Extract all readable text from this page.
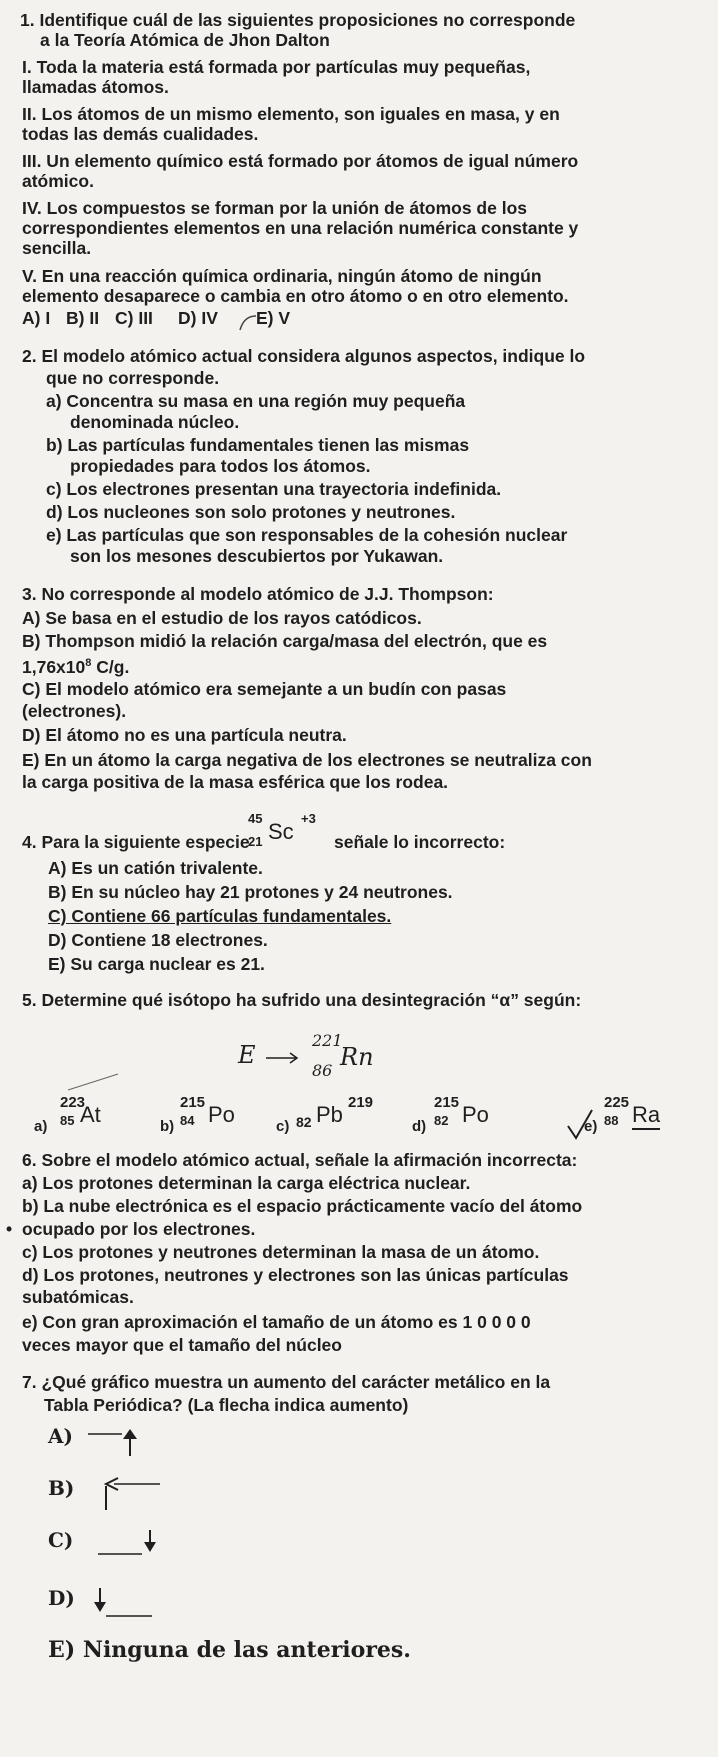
1. Identifique cuál de las siguientes proposiciones no corresponde
a la Teoría Atómica de Jhon Dalton
I. Toda la materia está formada por partículas muy pequeñas,
llamadas átomos.
II. Los átomos de un mismo elemento, son iguales en masa, y en
todas las demás cualidades.
III. Un elemento químico está formado por átomos de igual número
atómico.
IV. Los compuestos se forman por la unión de átomos de los
correspondientes elementos en una relación numérica constante y
sencilla.
V. En una reacción química ordinaria, ningún átomo de ningún
elemento desaparece o cambia en otro átomo o en otro elemento.
A) I B) II C) III D) IV E) V
2. El modelo atómico actual considera algunos aspectos, indique lo
que no corresponde.
a) Concentra su masa en una región muy pequeña
denominada núcleo.
b) Las partículas fundamentales tienen las mismas
propiedades para todos los átomos.
c) Los electrones presentan una trayectoria indefinida.
d) Los nucleones son solo protones y neutrones.
e) Las partículas que son responsables de la cohesión nuclear
son los mesones descubiertos por Yukawan.
3. No corresponde al modelo atómico de J.J. Thompson:
A) Se basa en el estudio de los rayos catódicos.
B) Thompson midió la relación carga/masa del electrón, que es
$1,76x10^8$ C/g.
C) El modelo atómico era semejante a un budín con pasas
(electrones).
D) El átomo no es una partícula neutra.
E) En un átomo la carga negativa de los electrones se neutraliza con
la carga positiva de la masa esférica que los rodea.
4. Para la siguiente especie
45
21 Sc
+3
señale lo incorrecto:
A) Es un catión trivalente.
B) En su núcleo hay 21 protones y 24 neutrones.
C) Contiene 66 partículas fundamentales.
D) Contiene 18 electrones.
E) Su carga nuclear es 21.
5. Determine qué isótopo ha sufrido una desintegración “α” según:
E →
221
86 Rn
a)
223
85 At	b)
215
84 Po	c) 82 Pb 219
d)
215
82 Po	e)
225
88 Ra
6. Sobre el modelo atómico actual, señale la afirmación incorrecta:
a) Los protones determinan la carga eléctrica nuclear.
b) La nube electrónica es el espacio prácticamente vacío del átomo
• ocupado por los electrones.
c) Los protones y neutrones determinan la masa de un átomo.
d) Los protones, neutrones y electrones son las únicas partículas
subatómicas.
e) Con gran aproximación el tamaño de un átomo es 1 0 0 0 0
veces mayor que el tamaño del núcleo
7. ¿Qué gráfico muestra un aumento del carácter metálico en la
Tabla Periódica? (La flecha indica aumento)
A)
B)
C)
D)
E) Ninguna de las anteriores.
